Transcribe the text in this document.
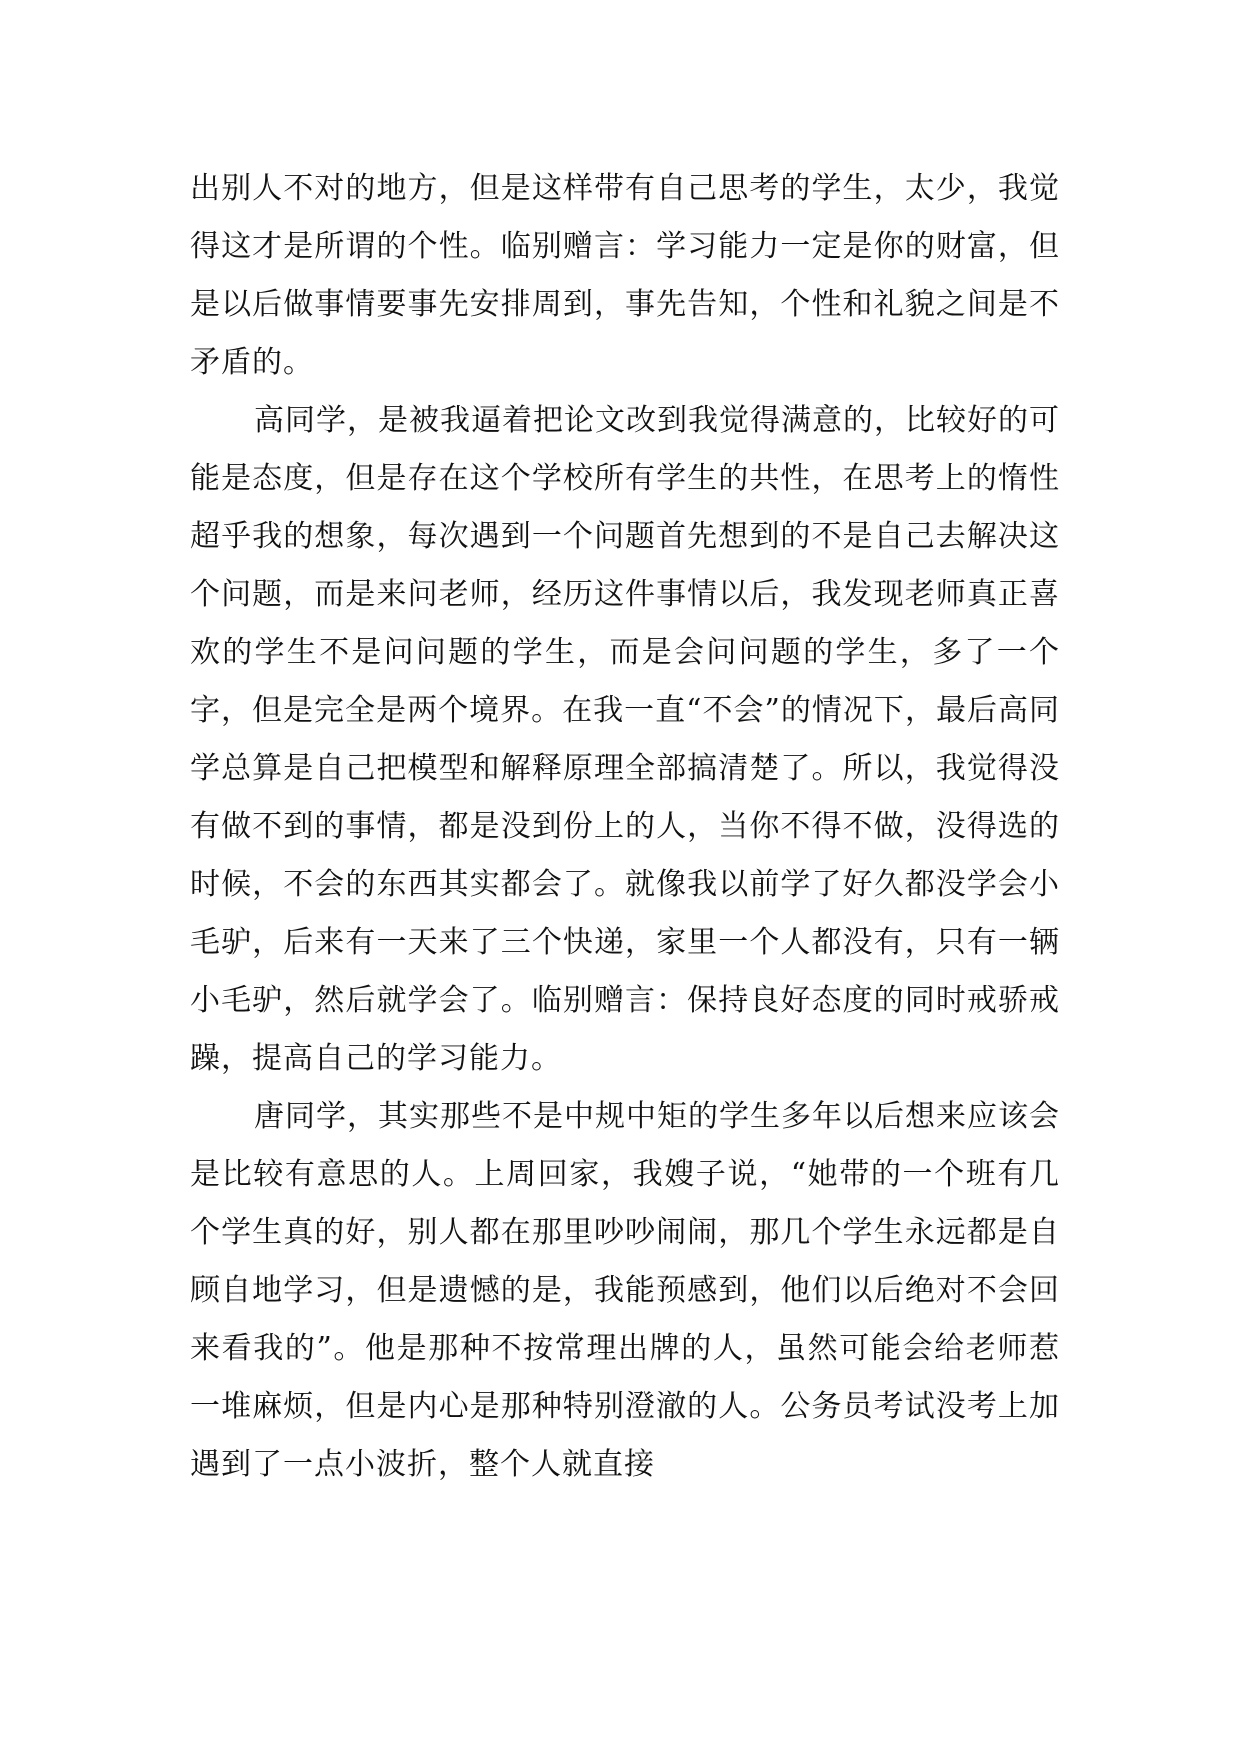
出别人不对的地方，但是这样带有自己思考的学生，太少，我觉得这才是所谓的个性。临别赠言：学习能力一定是你的财富，但是以后做事情要事先安排周到，事先告知，个性和礼貌之间是不矛盾的。

高同学，是被我逼着把论文改到我觉得满意的，比较好的可能是态度，但是存在这个学校所有学生的共性，在思考上的惰性超乎我的想象，每次遇到一个问题首先想到的不是自己去解决这个问题，而是来问老师，经历这件事情以后，我发现老师真正喜欢的学生不是问问题的学生，而是会问问题的学生，多了一个字，但是完全是两个境界。在我一直“不会”的情况下，最后高同学总算是自己把模型和解释原理全部搞清楚了。所以，我觉得没有做不到的事情，都是没到份上的人，当你不得不做，没得选的时候，不会的东西其实都会了。就像我以前学了好久都没学会小毛驴，后来有一天来了三个快递，家里一个人都没有，只有一辆小毛驴，然后就学会了。临别赠言：保持良好态度的同时戒骄戒躁，提高自己的学习能力。

唐同学，其实那些不是中规中矩的学生多年以后想来应该会是比较有意思的人。上周回家，我嫂子说，“她带的一个班有几个学生真的好，别人都在那里吵吵闹闹，那几个学生永远都是自顾自地学习，但是遗憾的是，我能预感到，他们以后绝对不会回来看我的”。他是那种不按常理出牌的人，虽然可能会给老师惹一堆麻烦，但是内心是那种特别澄澈的人。公务员考试没考上加遇到了一点小波折，整个人就直接
